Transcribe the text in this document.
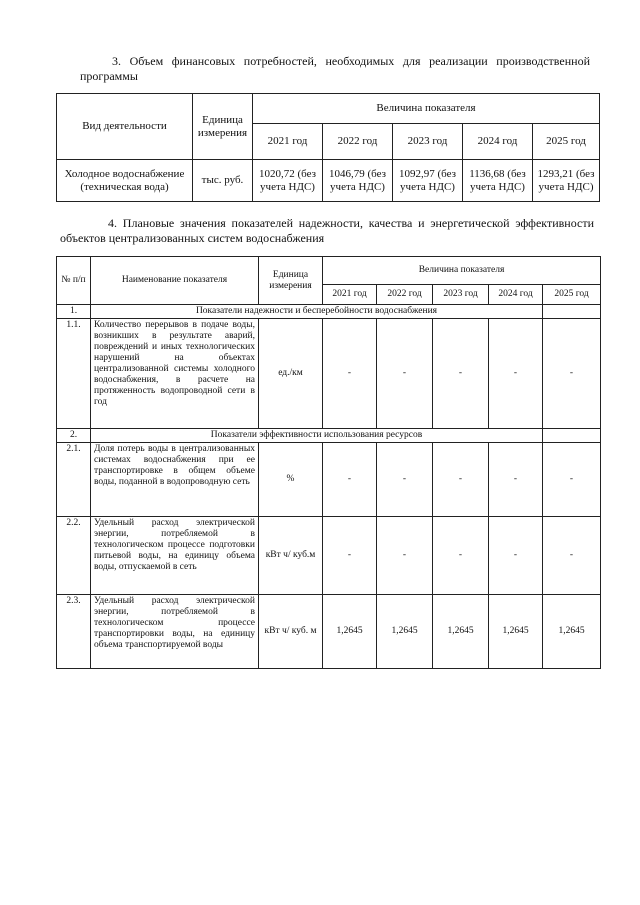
3. Объем финансовых потребностей, необходимых для реализации производственной программы

Вид деятельности	Единица измерения	Величина показателя				
		2021 год	2022 год	2023 год	2024 год	2025 год
Холодное водоснабжение (техническая вода)	тыс. руб.	1020,72 (без учета НДС)	1046,79 (без учета НДС)	1092,97 (без учета НДС)	1136,68 (без учета НДС)	1293,21 (без учета НДС)

4. Плановые значения показателей надежности, качества и энергетической эффективности объектов централизованных систем водоснабжения

№ п/п	Наименование показателя	Единица измерения	Величина показателя				
			2021 год	2022 год	2023 год	2024 год	2025 год
1.	Показатели надежности и бесперебойности водоснабжения						
1.1.	Количество перерывов в подаче воды, возникших в результате аварий, повреждений и иных технологических нарушений на объектах централизованной системы холодного водоснабжения, в расчете на протяженность водопроводной сети в год	ед./км	-	-	-	-	-
2.	Показатели эффективности использования ресурсов						
2.1.	Доля потерь воды в централизованных системах водоснабжения при ее транспортировке в общем объеме воды, поданной в водопроводную сеть	%	-	-	-	-	-
2.2.	Удельный расход электрической энергии, потребляемой в технологическом процессе подготовки питьевой воды, на единицу объема воды, отпускаемой в сеть	кВт ч/ куб.м	-	-	-	-	-
2.3.	Удельный расход электрической энергии, потребляемой в технологическом процессе транспортировки воды, на единицу объема транспортируемой воды	кВт ч/ куб. м	1,2645	1,2645	1,2645	1,2645	1,2645
